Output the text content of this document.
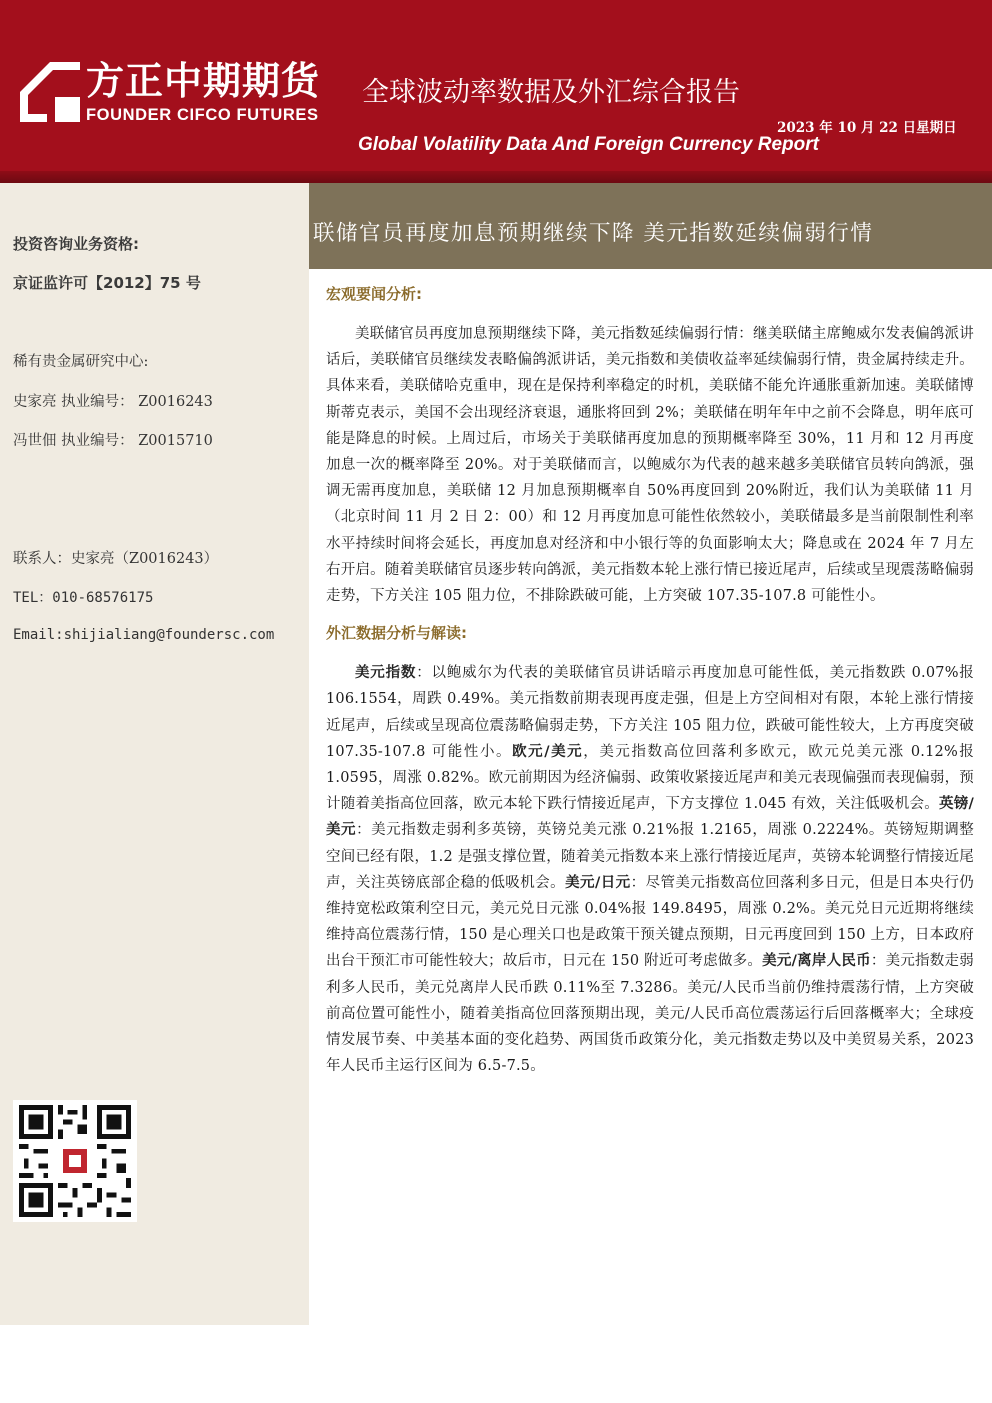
方正中期期货
FOUNDER CIFCO FUTURES
全球波动率数据及外汇综合报告
2023 年 10 月 22 日星期日
Global Volatility Data And Foreign Currency Report
投资咨询业务资格:
京证监许可【2012】75 号
稀有贵金属研究中心:
史家亮 执业编号： Z0016243
冯世佃 执业编号： Z0015710
联系人：史家亮（Z0016243）
TEL：010-68576175
Email:shijialiang@foundersc.com
联储官员再度加息预期继续下降 美元指数延续偏弱行情
宏观要闻分析:

美联储官员再度加息预期继续下降，美元指数延续偏弱行情：继美联储主席鲍威尔发表偏鸽派讲话后，美联储官员继续发表略偏鸽派讲话，美元指数和美债收益率延续偏弱行情，贵金属持续走升。具体来看，美联储哈克重申，现在是保持利率稳定的时机，美联储不能允许通胀重新加速。美联储博斯蒂克表示，美国不会出现经济衰退，通胀将回到 2%；美联储在明年年中之前不会降息，明年底可能是降息的时候。上周过后，市场关于美联储再度加息的预期概率降至 30%，11 月和 12 月再度加息一次的概率降至 20%。对于美联储而言，以鲍威尔为代表的越来越多美联储官员转向鸽派，强调无需再度加息，美联储 12 月加息预期概率自 50%再度回到 20%附近，我们认为美联储 11 月（北京时间 11 月 2 日 2：00）和 12 月再度加息可能性依然较小，美联储最多是当前限制性利率水平持续时间将会延长，再度加息对经济和中小银行等的负面影响太大；降息或在 2024 年 7 月左右开启。随着美联储官员逐步转向鸽派，美元指数本轮上涨行情已接近尾声，后续或呈现震荡略偏弱走势，下方关注 105 阻力位，不排除跌破可能，上方突破 107.35-107.8 可能性小。

外汇数据分析与解读:

美元指数：以鲍威尔为代表的美联储官员讲话暗示再度加息可能性低，美元指数跌 0.07%报 106.1554，周跌 0.49%。美元指数前期表现再度走强，但是上方空间相对有限，本轮上涨行情接近尾声，后续或呈现高位震荡略偏弱走势，下方关注 105 阻力位，跌破可能性较大，上方再度突破 107.35-107.8 可能性小。欧元/美元，美元指数高位回落利多欧元，欧元兑美元涨 0.12%报 1.0595，周涨 0.82%。欧元前期因为经济偏弱、政策收紧接近尾声和美元表现偏强而表现偏弱，预计随着美指高位回落，欧元本轮下跌行情接近尾声，下方支撑位 1.045 有效，关注低吸机会。英镑/美元：美元指数走弱利多英镑，英镑兑美元涨 0.21%报 1.2165，周涨 0.2224%。英镑短期调整空间已经有限，1.2 是强支撑位置，随着美元指数本来上涨行情接近尾声，英镑本轮调整行情接近尾声，关注英镑底部企稳的低吸机会。美元/日元：尽管美元指数高位回落利多日元，但是日本央行仍维持宽松政策利空日元，美元兑日元涨 0.04%报 149.8495，周涨 0.2%。美元兑日元近期将继续维持高位震荡行情，150 是心理关口也是政策干预关键点预期，日元再度回到 150 上方，日本政府出台干预汇市可能性较大；故后市，日元在 150 附近可考虑做多。美元/离岸人民币：美元指数走弱利多人民币，美元兑离岸人民币跌 0.11%至 7.3286。美元/人民币当前仍维持震荡行情，上方突破前高位置可能性小，随着美指高位回落预期出现，美元/人民币高位震荡运行后回落概率大；全球疫情发展节奏、中美基本面的变化趋势、两国货币政策分化，美元指数走势以及中美贸易关系，2023 年人民币主运行区间为 6.5-7.5。
